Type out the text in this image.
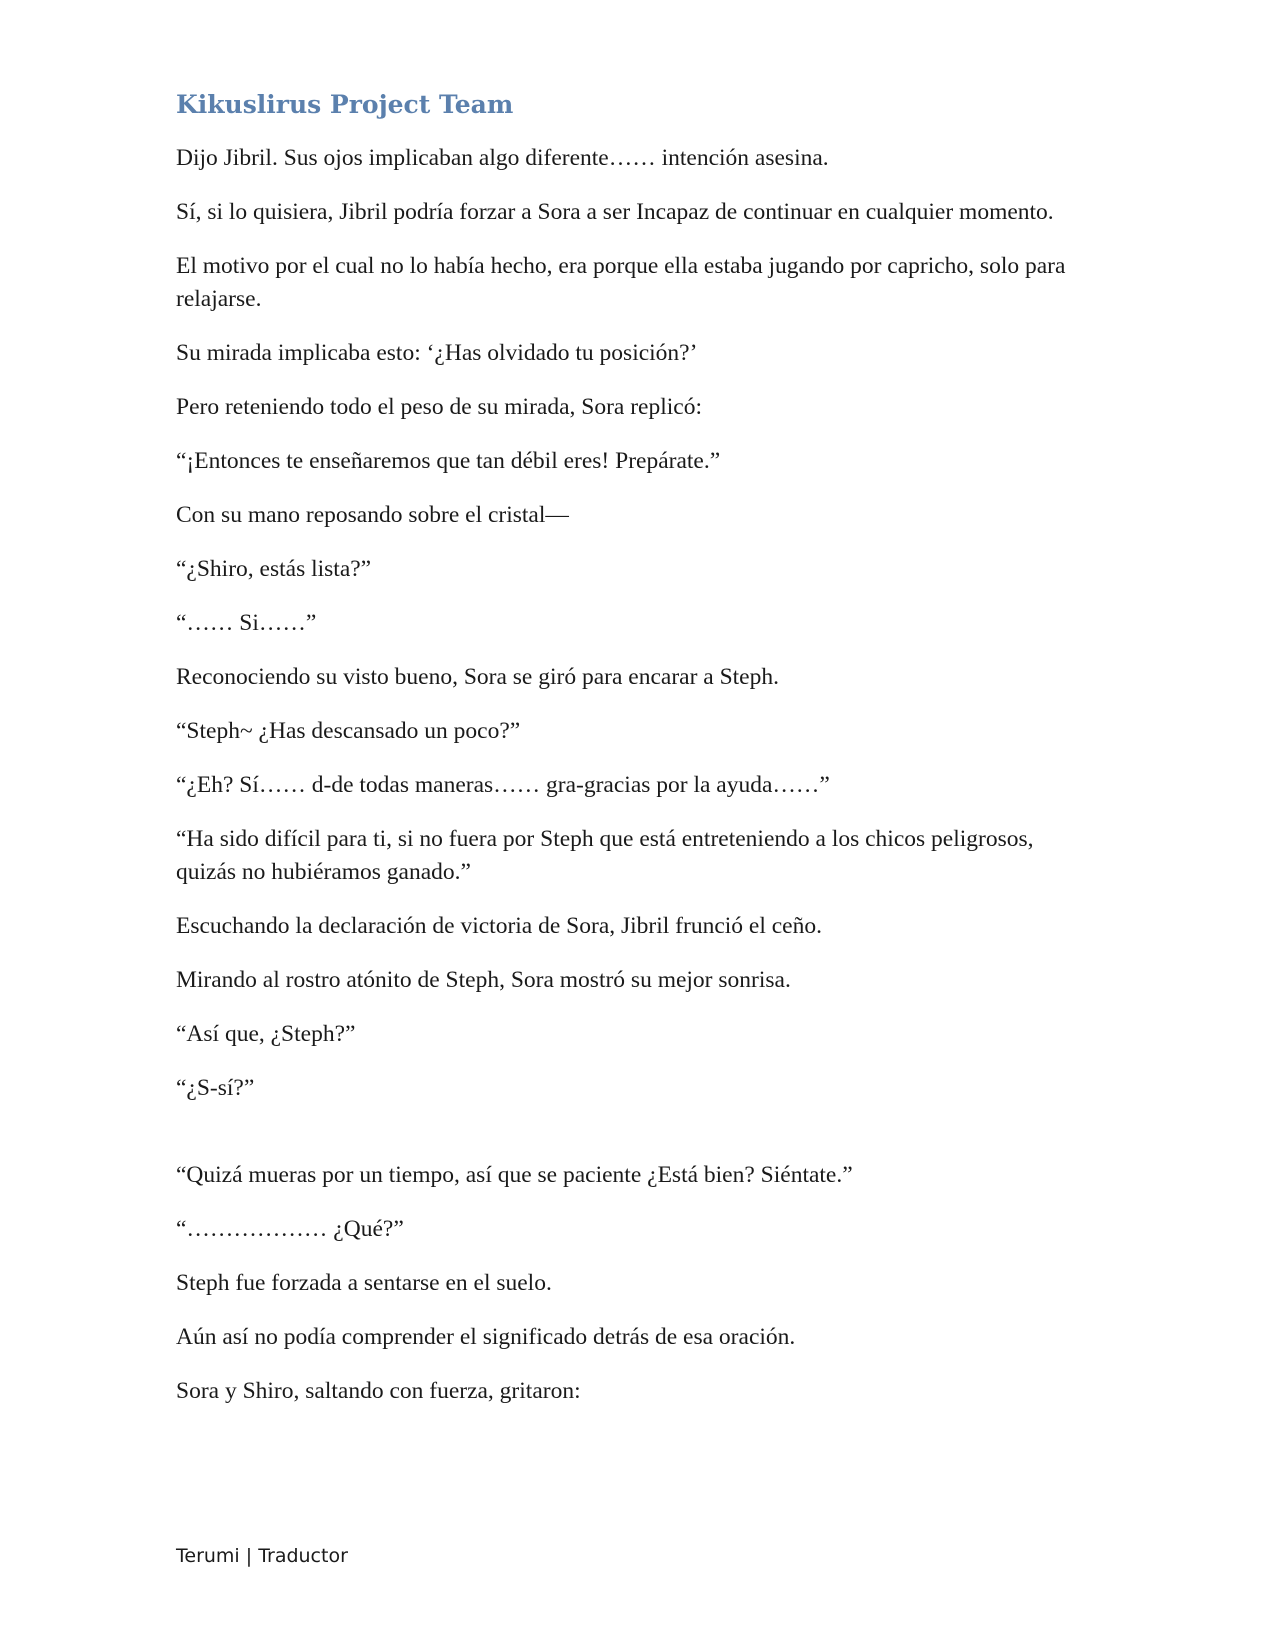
Kikuslirus Project Team

Dijo Jibril. Sus ojos implicaban algo diferente…… intención asesina.

Sí, si lo quisiera, Jibril podría forzar a Sora a ser Incapaz de continuar en cualquier momento.

El motivo por el cual no lo había hecho, era porque ella estaba jugando por capricho, solo para relajarse.

Su mirada implicaba esto: ‘¿Has olvidado tu posición?’

Pero reteniendo todo el peso de su mirada, Sora replicó:

“¡Entonces te enseñaremos que tan débil eres! Prepárate.”

Con su mano reposando sobre el cristal—

“¿Shiro, estás lista?”

“…… Si……”

Reconociendo su visto bueno, Sora se giró para encarar a Steph.

“Steph~ ¿Has descansado un poco?”

“¿Eh? Sí…… d-de todas maneras…… gra-gracias por la ayuda……”

“Ha sido difícil para ti, si no fuera por Steph que está entreteniendo a los chicos peligrosos, quizás no hubiéramos ganado.”

Escuchando la declaración de victoria de Sora, Jibril frunció el ceño.

Mirando al rostro atónito de Steph, Sora mostró su mejor sonrisa.

“Así que, ¿Steph?”

“¿S-sí?”

“Quizá mueras por un tiempo, así que se paciente ¿Está bien? Siéntate.”

“……………… ¿Qué?”

Steph fue forzada a sentarse en el suelo.

Aún así no podía comprender el significado detrás de esa oración.

Sora y Shiro, saltando con fuerza, gritaron:

Terumi | Traductor
